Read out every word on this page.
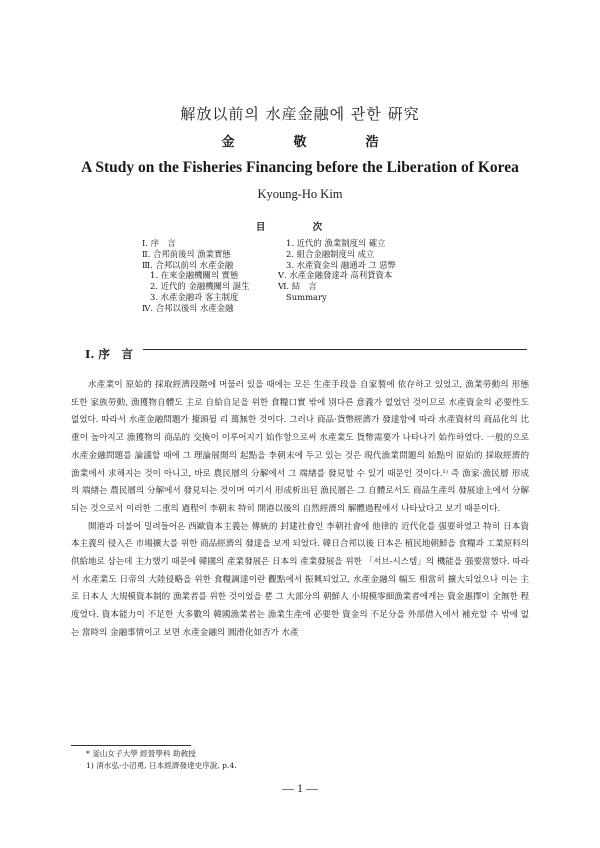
解放以前의 水産金融에 관한 硏究
金	敬	浩
A Study on the Fisheries Financing before the Liberation of Korea
Kyoung-Ho Kim
目 次
Ⅰ. 序　言
Ⅱ. 合邦前後의 漁業實態
Ⅲ. 合邦以前의 水產金融
1. 在來金融機關의 實態
2. 近代的 金融機關의 誕生
3. 水產金融과 客主制度
Ⅳ. 合邦以後의 水產金融
1. 近代的 漁業制度의 確立
2. 組合金融制度의 成立
3. 水產資金의 融通과 그 惡弊
Ⅴ. 水產金融發達과 高利貸資本
Ⅵ. 結　言
Summary
Ⅰ. 序　言

水產業이 原始的 採取經濟段階에 머물러 있을 때에는 모든 生產手段을 自家製에 依存하고 있었고, 漁業勞動의 形態 또한 家族勞動, 漁獲物自體도 主로 自給自足을 위한 食糧口實 밖에 別다른 意義가 없었던 것이므로 水產資金의 必要性도 없었다. 따라서 水產金融問題가 擡頭될 리 萬無한 것이다. 그러나 商品·貨幣經濟가 發達함에 따라 水產資材의 商品化의 比重이 높아지고 漁獲物의 商品的 交換이 이루어지기 始作함으로써 水產業도 貨幣需要가 나타나기 始作하였다. 一般的으로 水產金融問題를 論議할 때에 그 理論展開의 起點을 李朝末에 두고 있는 것은 現代漁業問題의 始點이 原始的 採取經濟的 漁業에서 求해지는 것이 아니고, 바로 農民層의 分解에서 그 端緖를 發見할 수 있기 때문인 것이다.¹⁾ 즉 漁家·漁民層 形成의 端緖는 農民層의 分解에서 發見되는 것이며 여기서 形成析出된 漁民層은 그 自體로서도 商品生產의 發展途上에서 分解되는 것으로서 이러한 二重의 過程이 李朝末 特히 開港以後의 自然經濟의 解體過程에서 나타났다고 보기 때문이다.

開港과 더불어 밀려들어온 西歐資本主義는 傳統的 封建社會인 李朝社會에 他律的 近代化를 强要하였고 特히 日本資本主義의 侵入은 市場擴大를 위한 商品經濟의 發達을 보게 되었다. 韓日合邦以後 日本은 植民地朝鮮을 食糧과 工業原料의 供給地로 삼는데 主力했기 때문에 韓國의 產業發展은 日本의 產業發展을 위한 「서브-시스템」의 機能을 强要當했다. 따라서 水產業도 日帝의 大陸侵略을 위한 食糧調達이란 觀點에서 振興되었고, 水產金融의 幅도 相當히 擴大되었으나 이는 主로 日本人 大規模資本制的 漁業者를 위한 것이었을 뿐 그 大部分의 朝鮮人 小規模零細漁業者에게는 資金惠擇이 全無한 程度였다. 資本能力이 不足한 大多數의 韓國漁業者는 漁業生產에 必要한 資金의 不足分을 外部借入에서 補充할 수 밖에 없는 當時의 金融事情이고 보면 水產金融의 圓滑化如否가 水產

* 釜山女子大學 經營學科 助敎授
1) 淸水弘·小沼勇, 日本經濟發達史序說, p.4.
— 1 —
